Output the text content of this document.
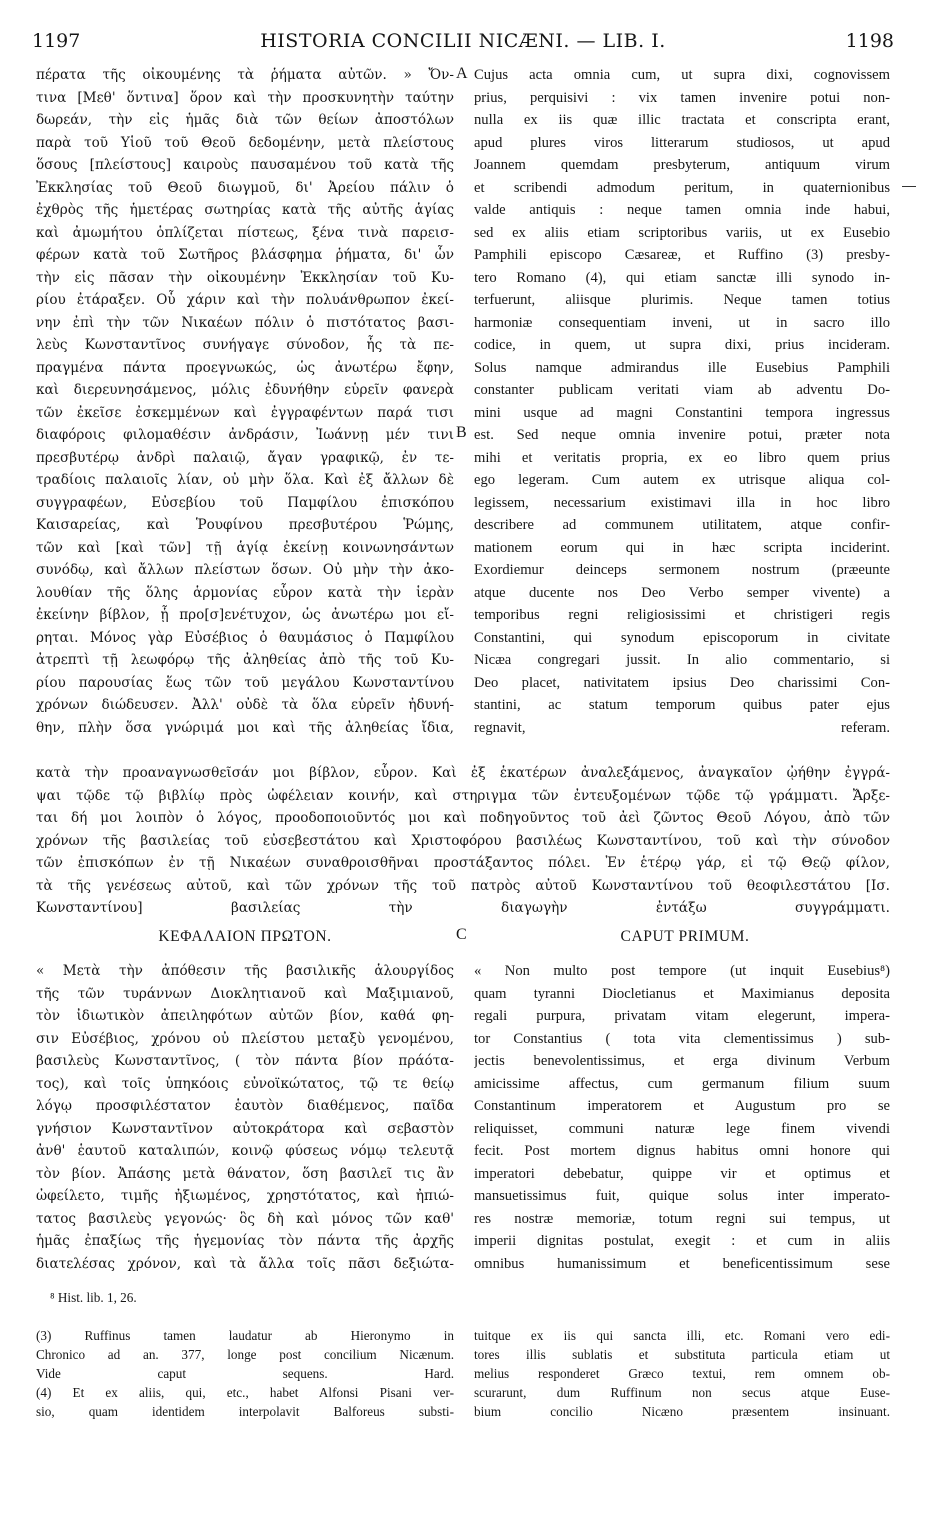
1197	HISTORIA CONCILII NICÆNI. — LIB. I.	1198
πέρατα τῆς οἰκουμένης τὰ ῥήματα αὐτῶν. » Ὄν-
τινα [Μεθ' ὅντινα] ὅρον καὶ τὴν προσκυνητὴν ταύτην
δωρεάν, τὴν εἰς ἡμᾶς διὰ τῶν θείων ἀποστόλων
παρὰ τοῦ Υἱοῦ τοῦ Θεοῦ δεδομένην, μετὰ πλείστους
ὅσους [πλείστους] καιροὺς παυσαμένου τοῦ κατὰ τῆς
Ἐκκλησίας τοῦ Θεοῦ διωγμοῦ, δι' Ἀρείου πάλιν ὁ
ἐχθρὸς τῆς ἡμετέρας σωτηρίας κατὰ τῆς αὐτῆς ἁγίας
καὶ ἀμωμήτου ὁπλίζεται πίστεως, ξένα τινὰ παρεισ-
φέρων κατὰ τοῦ Σωτῆρος βλάσφημα ῥήματα, δι' ὧν
τὴν εἰς πᾶσαν τὴν οἰκουμένην Ἐκκλησίαν τοῦ Κυ-
ρίου ἐτάραξεν. Οὗ χάριν καὶ τὴν πολυάνθρωπον ἐκεί-
νην ἐπὶ τὴν τῶν Νικαέων πόλιν ὁ πιστότατος βασι-
λεὺς Κωνσταντῖνος συνήγαγε σύνοδον, ἧς τὰ πε-
πραγμένα πάντα προεγνωκώς, ὡς ἀνωτέρω ἔφην,
καὶ διερευνησάμενος, μόλις ἐδυνήθην εὑρεῖν φανερὰ
τῶν ἐκεῖσε ἐσκεμμένων καὶ ἐγγραφέντων παρά τισι
διαφόροις φιλομαθέσιν ἀνδράσιν, Ἰωάννῃ μέν τινι
πρεσβυτέρῳ ἀνδρὶ παλαιῷ, ἄγαν γραφικῷ, ἐν τε-
τραδίοις παλαιοῖς λίαν, οὐ μὴν ὅλα. Καὶ ἐξ ἄλλων δὲ
συγγραφέων, Εὐσεβίου τοῦ Παμφίλου ἐπισκόπου
Καισαρείας, καὶ Ῥουφίνου πρεσβυτέρου Ῥώμης,
τῶν καὶ [καὶ τῶν] τῇ ἁγίᾳ ἐκείνῃ κοινωνησάντων
συνόδῳ, καὶ ἄλλων πλείστων ὅσων. Οὐ μὴν τὴν ἀκο-
λουθίαν τῆς ὅλης ἁρμονίας εὗρον κατὰ τὴν ἱερὰν
ἐκείνην βίβλον, ᾗ προ[σ]ενέτυχον, ὡς ἀνωτέρω μοι εἴ-
ρηται. Μόνος γὰρ Εὐσέβιος ὁ θαυμάσιος ὁ Παμφίλου
ἀτρεπτὶ τῇ λεωφόρῳ τῆς ἀληθείας ἀπὸ τῆς τοῦ Κυ-
ρίου παρουσίας ἕως τῶν τοῦ μεγάλου Κωνσταντίνου
χρόνων διώδευσεν. Ἀλλ' οὐδὲ τὰ ὅλα εὑρεῖν ἠδυνή-
θην, πλὴν ὅσα γνώριμά μοι καὶ τῆς ἀληθείας ἴδια,
Cujus acta omnia cum, ut supra dixi, cognovissem
prius, perquisivi : vix tamen invenire potui non-
nulla ex iis quæ illic tractata et conscripta erant,
apud plures viros litterarum studiosos, ut apud
Joannem quemdam presbyterum, antiquum virum
et scribendi admodum peritum, in quaternionibus
valde antiquis : neque tamen omnia inde habui,
sed ex aliis etiam scriptoribus variis, ut ex Eusebio
Pamphili episcopo Cæsareæ, et Ruffino (3) presby-
tero Romano (4), qui etiam sanctæ illi synodo in-
terfuerunt, aliisque plurimis. Neque tamen totius
harmoniæ consequentiam inveni, ut in sacro illo
codice, in quem, ut supra dixi, prius incideram.
Solus namque admirandus ille Eusebius Pamphili
constanter publicam veritati viam ab adventu Do-
mini usque ad magni Constantini tempora ingressus
est. Sed neque omnia invenire potui, præter nota
mihi et veritatis propria, ex eo libro quem prius
ego legeram. Cum autem ex utrisque aliqua col-
legissem, necessarium existimavi illa in hoc libro
describere ad communem utilitatem, atque confir-
mationem eorum qui in hæc scripta inciderint.
Exordiemur deinceps sermonem nostrum (præeunte
atque ducente nos Deo Verbo semper vivente) a
temporibus regni religiosissimi et christigeri regis
Constantini, qui synodum episcoporum in civitate
Nicæa congregari jussit. In alio commentario, si
Deo placet, nativitatem ipsius Deo charissimi Con-
stantini, ac statum temporum quibus pater ejus
regnavit, referam.
A
B
κατὰ τὴν προαναγνωσθεῖσάν μοι βίβλον, εὗρον. Καὶ ἐξ ἑκατέρων ἀναλεξάμενος, ἀναγκαῖον ᾠήθην ἐγγρά-
ψαι τῷδε τῷ βιβλίῳ πρὸς ὠφέλειαν κοινήν, καὶ στηριγμα τῶν ἐντευξομένων τῷδε τῷ γράμματι. Ἄρξε-
ται δή μοι λοιπὸν ὁ λόγος, προοδοποιοῦντός μοι καὶ ποδηγοῦντος τοῦ ἀεὶ ζῶντος Θεοῦ Λόγου, ἀπὸ τῶν
χρόνων τῆς βασιλείας τοῦ εὐσεβεστάτου καὶ Χριστοφόρου βασιλέως Κωνσταντίνου, τοῦ καὶ τὴν σύνοδον
τῶν ἐπισκόπων ἐν τῇ Νικαέων συναθροισθῆναι προστάξαντος πόλει. Ἐν ἑτέρῳ γάρ, εἰ τῷ Θεῷ φίλον,
τὰ τῆς γενέσεως αὐτοῦ, καὶ τῶν χρόνων τῆς τοῦ πατρὸς αὐτοῦ Κωνσταντίνου τοῦ θεοφιλεστάτου [Ισ.
Κωνσταντίνου] βασιλείας τὴν διαγωγὴν ἐντάξω συγγράμματι.
ΚΕΦΑΛΑΙΟΝ ΠΡΩΤΟΝ.	C	CAPUT PRIMUM.
« Μετὰ τὴν ἀπόθεσιν τῆς βασιλικῆς ἁλουργίδος
τῆς τῶν τυράννων Διοκλητιανοῦ καὶ Μαξιμιανοῦ,
τὸν ἰδιωτικὸν ἀπειληφότων αὐτῶν βίον, καθά φη-
σιν Εὐσέβιος, χρόνου οὐ πλείστου μεταξὺ γενομένου,
βασιλεὺς Κωνσταντῖνος, ( τὸν πάντα βίον πράότα-
τος), καὶ τοῖς ὑπηκόοις εὐνοϊκώτατος, τῷ τε θείῳ
λόγῳ προσφιλέστατον ἑαυτὸν διαθέμενος, παῖδα
γνήσιον Κωνσταντῖνον αὐτοκράτορα καὶ σεβαστὸν
ἀνθ' ἑαυτοῦ καταλιπών, κοινῷ φύσεως νόμῳ τελευτᾷ
τὸν βίον. Ἀπάσης μετὰ θάνατον, ὅση βασιλεῖ τις ἂν
ὠφείλετο, τιμῆς ἠξιωμένος, χρηστότατος, καὶ ἠπιώ-
τατος βασιλεὺς γεγονώς· ὃς δὴ καὶ μόνος τῶν καθ'
ἡμᾶς ἐπαξίως τῆς ἡγεμονίας τὸν πάντα τῆς ἀρχῆς
διατελέσας χρόνον, καὶ τὰ ἄλλα τοῖς πᾶσι δεξιώτα-
« Non multo post tempore (ut inquit Eusebius⁸)
quam tyranni Diocletianus et Maximianus deposita
regali purpura, privatam vitam elegerunt, impera-
tor Constantius ( tota vita clementissimus ) sub-
jectis benevolentissimus, et erga divinum Verbum
amicissime affectus, cum germanum filium suum
Constantinum imperatorem et Augustum pro se
reliquisset, communi naturæ lege finem vivendi
fecit. Post mortem dignus habitus omni honore qui
imperatori debebatur, quippe vir et optimus et
mansuetissimus fuit, quique solus inter imperato-
res nostræ memoriæ, totum regni sui tempus, ut
imperii dignitas postulat, exegit : et cum in aliis
omnibus humanissimum et beneficentissimum sese
⁸ Hist. lib. 1, 26.
(3) Ruffinus tamen laudatur ab Hieronymo in
Chronico ad an. 377, longe post concilium Nicænum.
Vide caput sequens. Hard.
(4) Et ex aliis, qui, etc., habet Alfonsi Pisani ver-
sio, quam identidem interpolavit Balforeus substi-
tuitque ex iis qui sancta illi, etc. Romani vero edi-
tores illis sublatis et substituta particula etiam ut
melius responderet Græco textui, rem omnem ob-
scurarunt, dum Ruffinum non secus atque Euse-
bium concilio Nicæno præsentem insinuant.
